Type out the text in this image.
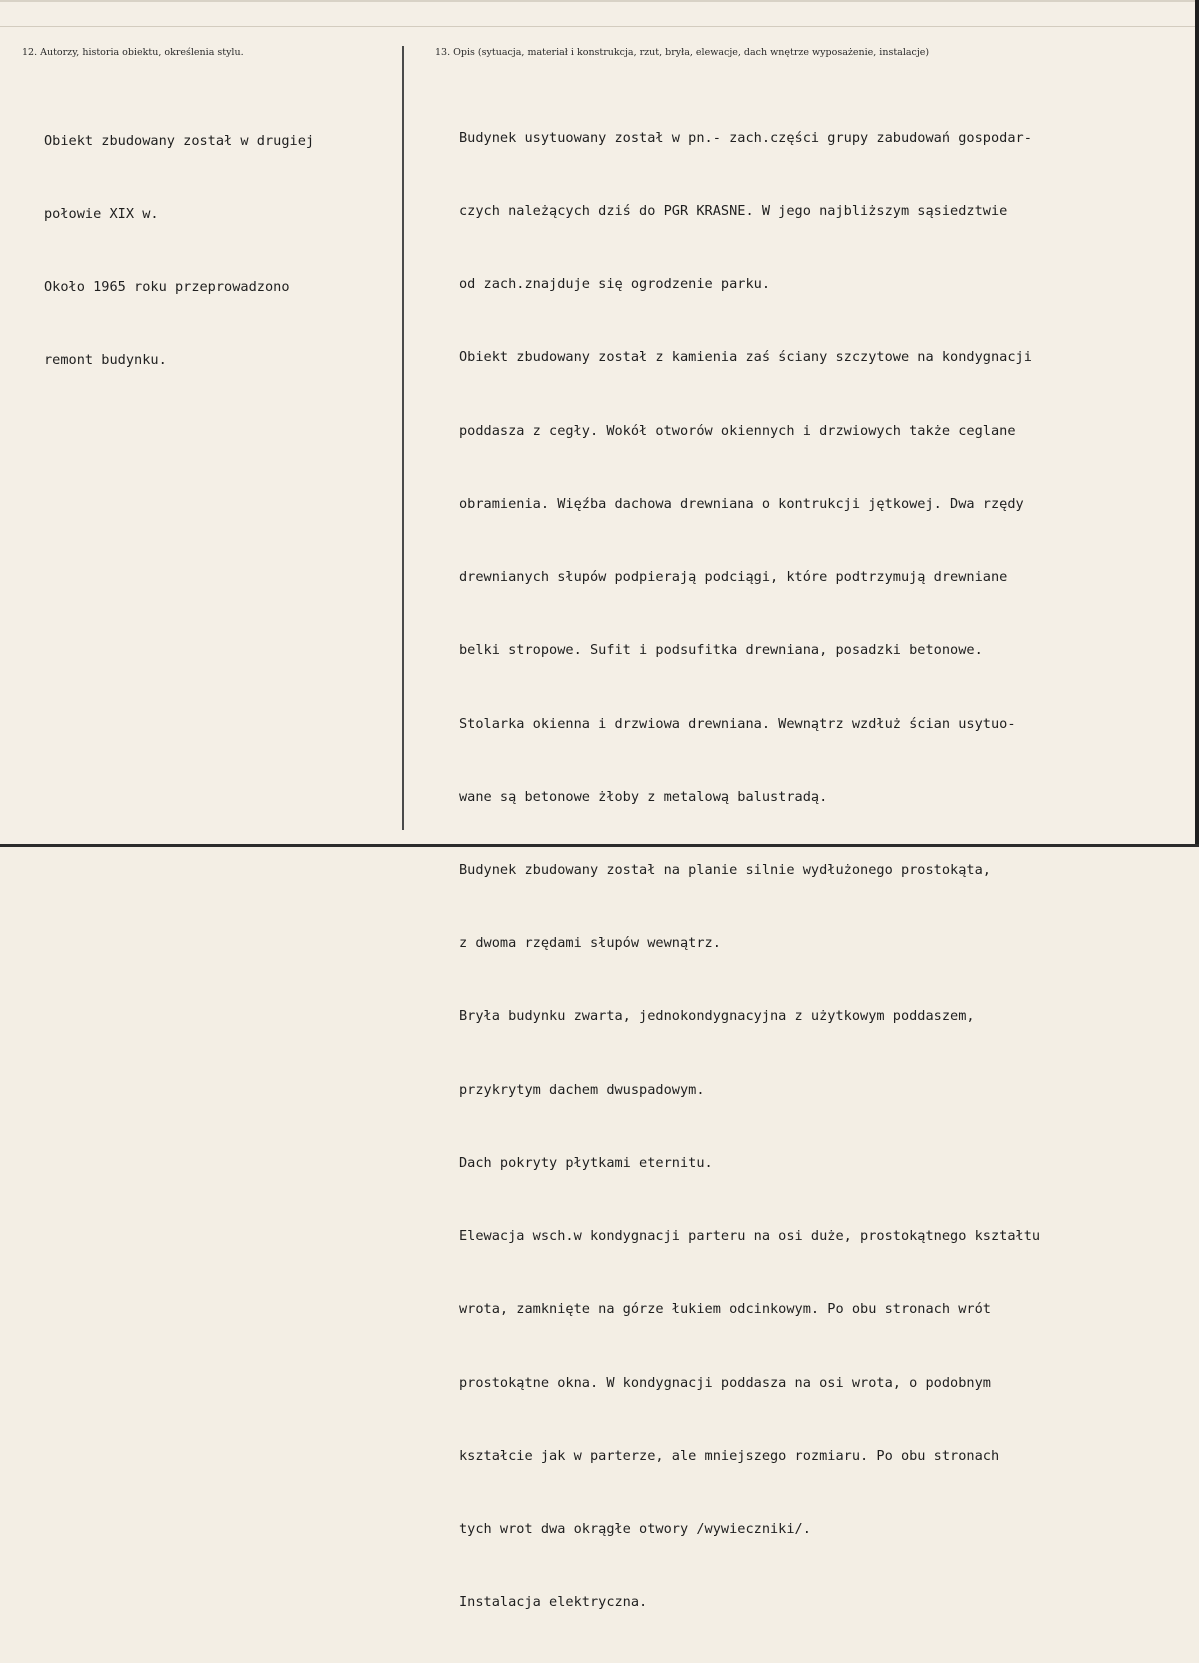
12. Autorzy, historia obiektu, określenia stylu.	13. Opis (sytuacja, materiał i konstrukcja, rzut, bryła, elewacje, dach wnętrze wyposażenie, instalacje)

Obiekt zbudowany został w drugiej

połowie XIX w.

Około 1965 roku przeprowadzono

remont budynku.

Budynek usytuowany został w pn.- zach.części grupy zabudowań gospodar-

czych należących dziś do PGR KRASNE. W jego najbliższym sąsiedztwie

od zach.znajduje się ogrodzenie parku.

Obiekt zbudowany został z kamienia zaś ściany szczytowe na kondygnacji

poddasza z cegły. Wokół otworów okiennych i drzwiowych także ceglane

obramienia. Więźba dachowa drewniana o kontrukcji jętkowej. Dwa rzędy

drewnianych słupów podpierają podciągi, które podtrzymują drewniane

belki stropowe. Sufit i podsufitka drewniana, posadzki betonowe.

Stolarka okienna i drzwiowa drewniana. Wewnątrz wzdłuż ścian usytuo-

wane są betonowe żłoby z metalową balustradą.

Budynek zbudowany został na planie silnie wydłużonego prostokąta,

z dwoma rzędami słupów wewnątrz.

Bryła budynku zwarta, jednokondygnacyjna z użytkowym poddaszem,

przykrytym dachem dwuspadowym.

Dach pokryty płytkami eternitu.

Elewacja wsch.w kondygnacji parteru na osi duże, prostokątnego kształtu

wrota, zamknięte na górze łukiem odcinkowym. Po obu stronach wrót

prostokątne okna. W kondygnacji poddasza na osi wrota, o podobnym

kształcie jak w parterze, ale mniejszego rozmiaru. Po obu stronach

tych wrot dwa okrągłe otwory /wywieczniki/.

Instalacja elektryczna.
